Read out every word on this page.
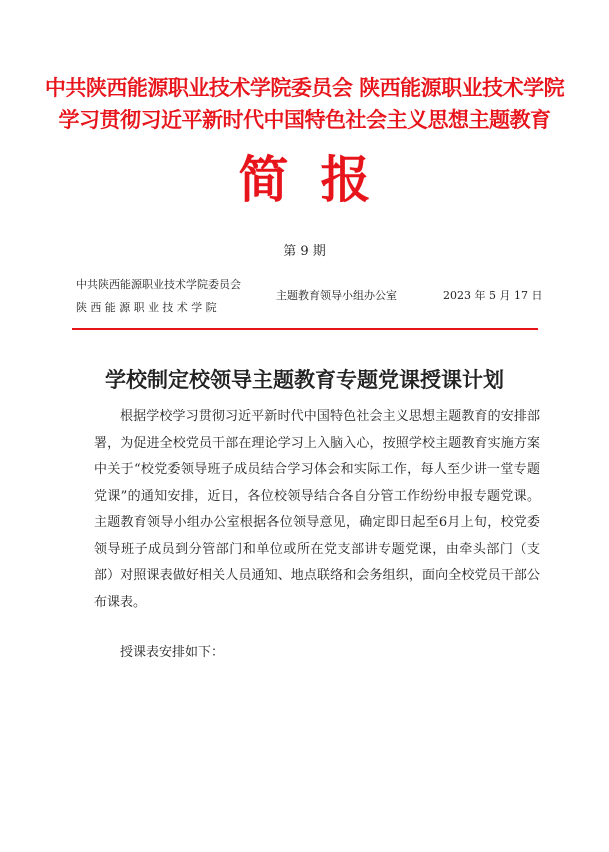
中共陕西能源职业技术学院委员会 陕西能源职业技术学院
学习贯彻习近平新时代中国特色社会主义思想主题教育
简报
第 9 期
中共陕西能源职业技术学院委员会
陕西能源职业技术学院
主题教育领导小组办公室	2023 年 5 月 17 日
学校制定校领导主题教育专题党课授课计划

根据学校学习贯彻习近平新时代中国特色社会主义思想主题教育的安排部署，为促进全校党员干部在理论学习上入脑入心，按照学校主题教育实施方案中关于“校党委领导班子成员结合学习体会和实际工作，每人至少讲一堂专题党课”的通知安排，近日，各位校领导结合各自分管工作纷纷申报专题党课。主题教育领导小组办公室根据各位领导意见，确定即日起至6月上旬，校党委领导班子成员到分管部门和单位或所在党支部讲专题党课，由牵头部门（支部）对照课表做好相关人员通知、地点联络和会务组织，面向全校党员干部公布课表。

授课表安排如下：
